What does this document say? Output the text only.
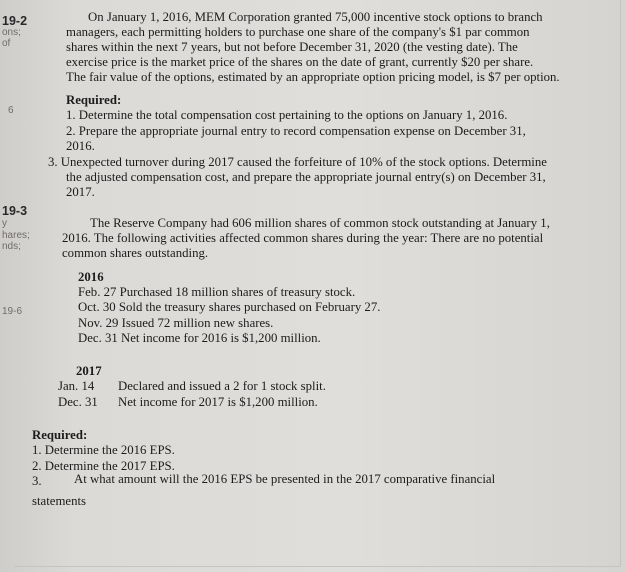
19-2
ons;
of
6
19-3
y
hares;
nds;
19-6
On January 1, 2016, MEM Corporation granted 75,000 incentive stock options to branch
managers, each permitting holders to purchase one share of the company's $1 par common
shares within the next 7 years, but not before December 31, 2020 (the vesting date). The
exercise price is the market price of the shares on the date of grant, currently $20 per share.
The fair value of the options, estimated by an appropriate option pricing model, is $7 per option.
Required:
1. Determine the total compensation cost pertaining to the options on January 1, 2016.
2. Prepare the appropriate journal entry to record compensation expense on December 31,
2016.
3. Unexpected turnover during 2017 caused the forfeiture of 10% of the stock options. Determine
the adjusted compensation cost, and prepare the appropriate journal entry(s) on December 31,
2017.
The Reserve Company had 606 million shares of common stock outstanding at January 1,
2016. The following activities affected common shares during the year: There are no potential
common shares outstanding.
2016
Feb. 27 Purchased 18 million shares of treasury stock.
Oct. 30 Sold the treasury shares purchased on February 27.
Nov. 29 Issued 72 million new shares.
Dec. 31 Net income for 2016 is $1,200 million.
2017
Jan. 14 Declared and issued a 2 for 1 stock split.
Dec. 31 Net income for 2017 is $1,200 million.
Required:
1. Determine the 2016 EPS.
2. Determine the 2017 EPS.
3.	At what amount will the 2016 EPS be presented in the 2017 comparative financial
statements
